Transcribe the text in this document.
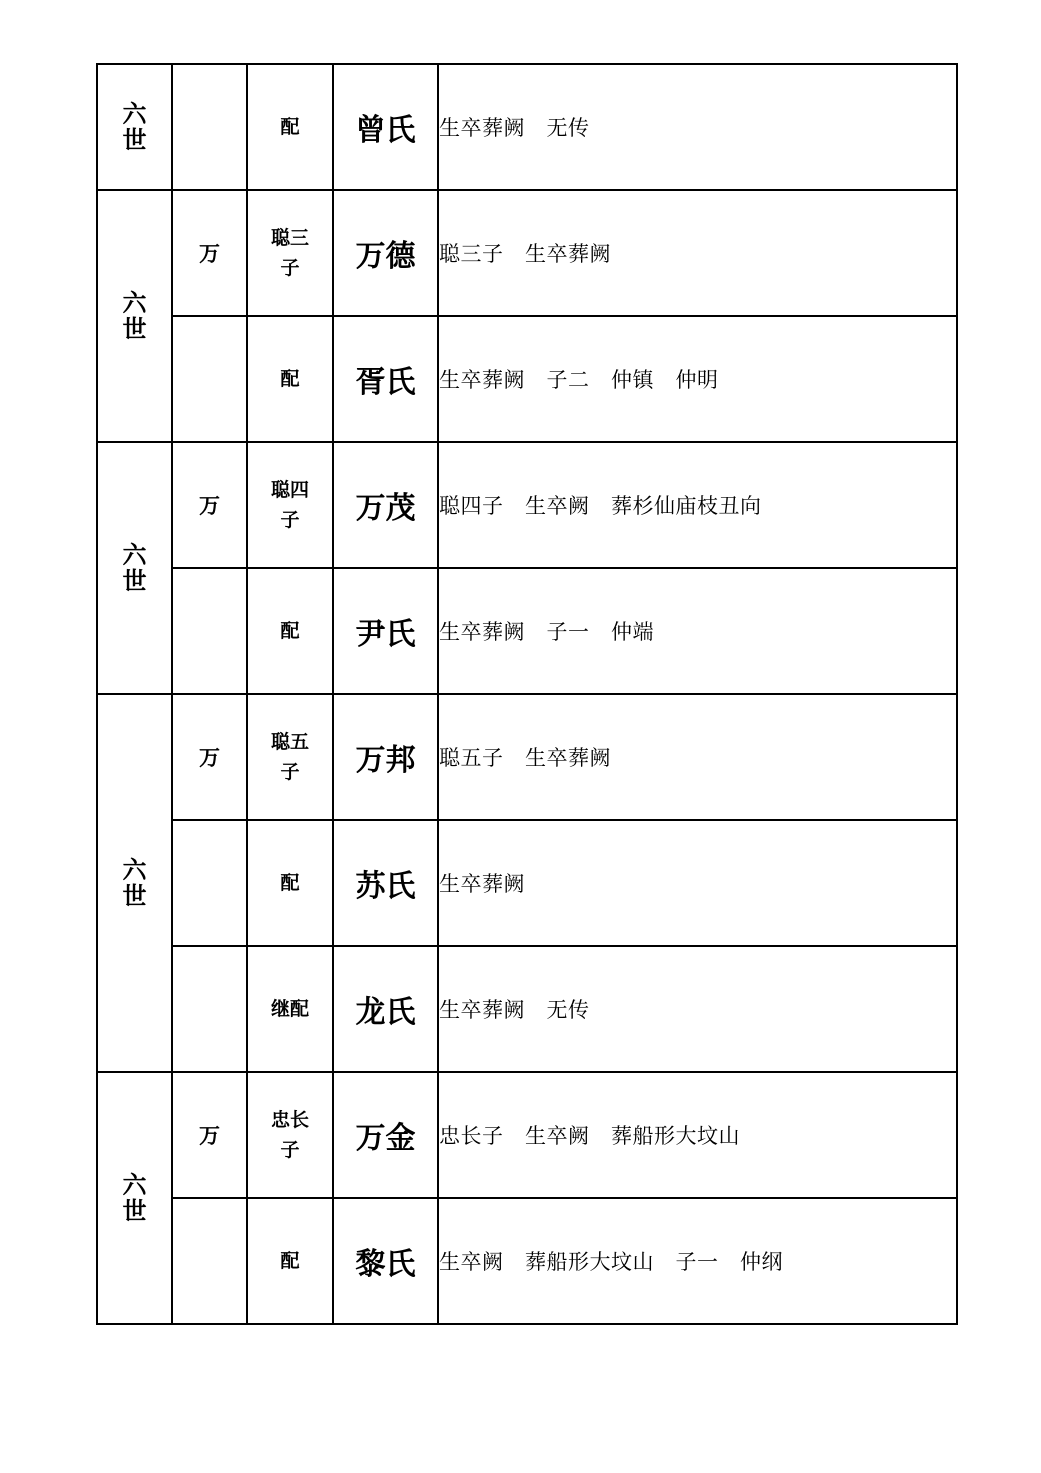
六世		配	曾氏	生卒葬阙　无传
六世	万	聪三子	万德	聪三子　生卒葬阙
		配	胥氏	生卒葬阙　子二　仲镇　仲明
六世	万	聪四子	万茂	聪四子　生卒阙　葬杉仙庙枝丑向
		配	尹氏	生卒葬阙　子一　仲端
六世	万	聪五子	万邦	聪五子　生卒葬阙
		配	苏氏	生卒葬阙
		继配	龙氏	生卒葬阙　无传
六世	万	忠长子	万金	忠长子　生卒阙　葬船形大坟山
		配	黎氏	生卒阙　葬船形大坟山　子一　仲纲
